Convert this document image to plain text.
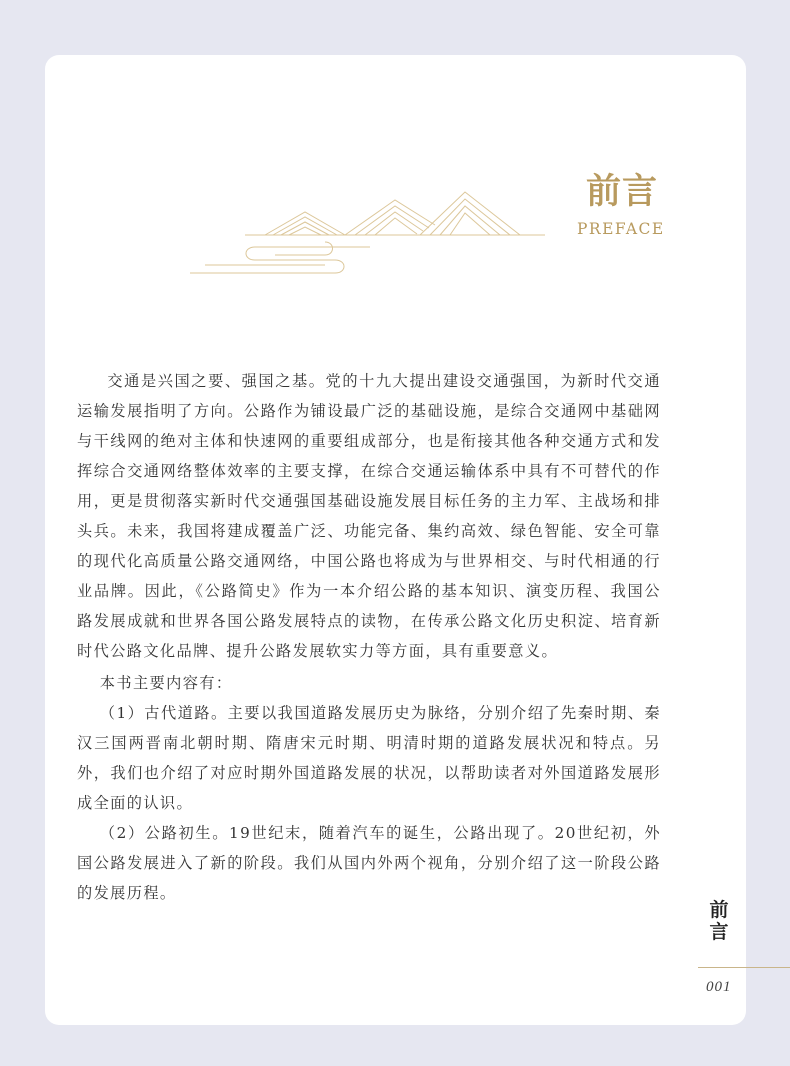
前言
PREFACE

交通是兴国之要、强国之基。党的十九大提出建设交通强国，为新时代交通运输发展指明了方向。公路作为铺设最广泛的基础设施，是综合交通网中基础网与干线网的绝对主体和快速网的重要组成部分，也是衔接其他各种交通方式和发挥综合交通网络整体效率的主要支撑，在综合交通运输体系中具有不可替代的作用，更是贯彻落实新时代交通强国基础设施发展目标任务的主力军、主战场和排头兵。未来，我国将建成覆盖广泛、功能完备、集约高效、绿色智能、安全可靠的现代化高质量公路交通网络，中国公路也将成为与世界相交、与时代相通的行业品牌。因此，《公路简史》作为一本介绍公路的基本知识、演变历程、我国公路发展成就和世界各国公路发展特点的读物，在传承公路文化历史积淀、培育新时代公路文化品牌、提升公路发展软实力等方面，具有重要意义。

本书主要内容有：

（1）古代道路。主要以我国道路发展历史为脉络，分别介绍了先秦时期、秦汉三国两晋南北朝时期、隋唐宋元时期、明清时期的道路发展状况和特点。另外，我们也介绍了对应时期外国道路发展的状况，以帮助读者对外国道路发展形成全面的认识。

（2）公路初生。19世纪末，随着汽车的诞生，公路出现了。20世纪初，外国公路发展进入了新的阶段。我们从国内外两个视角，分别介绍了这一阶段公路的发展历程。

前言
001
